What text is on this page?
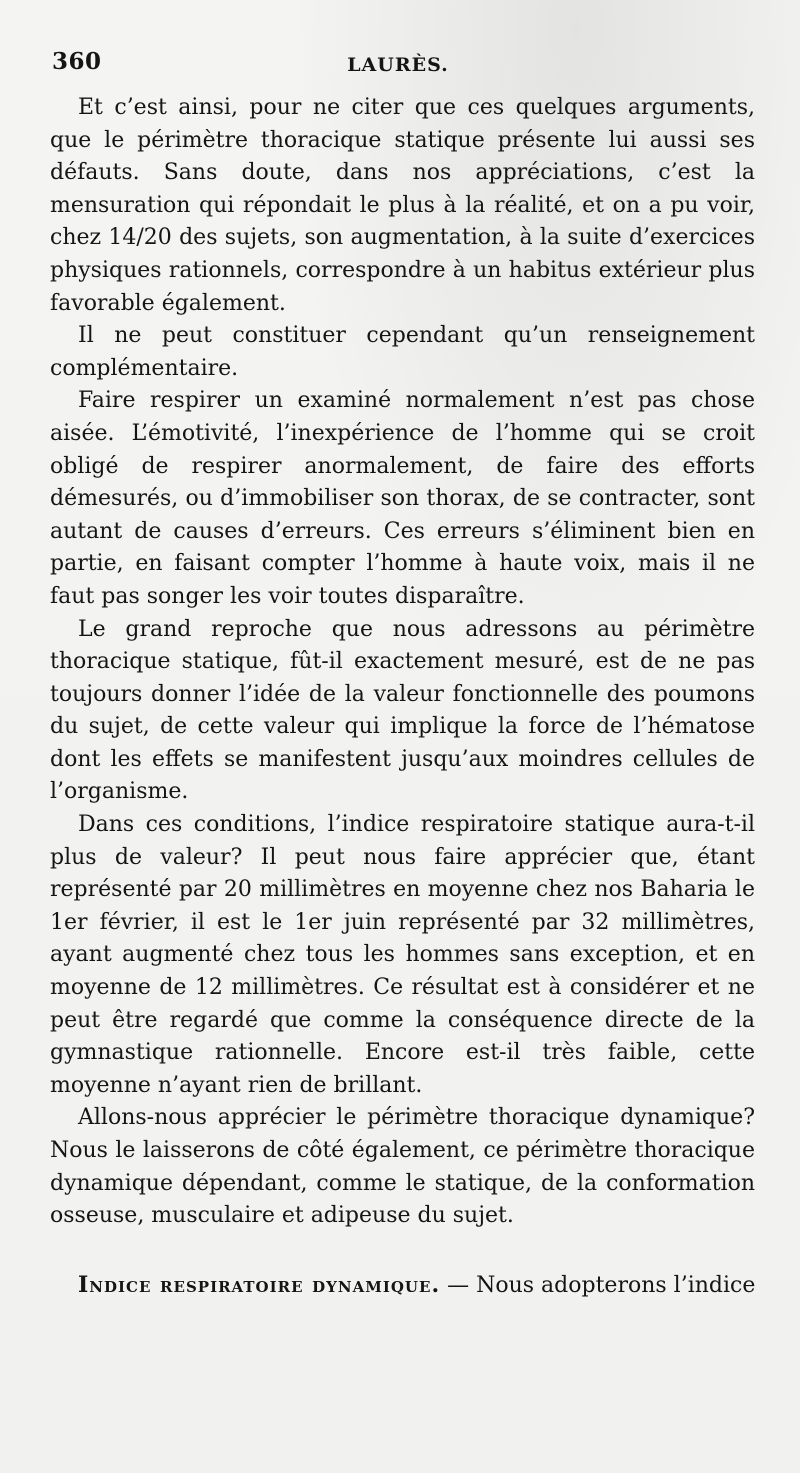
360	LAURÈS.

Et c’est ainsi, pour ne citer que ces quelques arguments, que le périmètre thoracique statique présente lui aussi ses défauts. Sans doute, dans nos appréciations, c’est la mensuration qui répondait le plus à la réalité, et on a pu voir, chez 14/20 des sujets, son augmentation, à la suite d’exercices physiques rationnels, correspondre à un habitus extérieur plus favorable également.

Il ne peut constituer cependant qu’un renseignement complémentaire.

Faire respirer un examiné normalement n’est pas chose aisée. L’émotivité, l’inexpérience de l’homme qui se croit obligé de respirer anormalement, de faire des efforts démesurés, ou d’immobiliser son thorax, de se contracter, sont autant de causes d’erreurs. Ces erreurs s’éliminent bien en partie, en faisant compter l’homme à haute voix, mais il ne faut pas songer les voir toutes disparaître.

Le grand reproche que nous adressons au périmètre thoracique statique, fût-il exactement mesuré, est de ne pas toujours donner l’idée de la valeur fonctionnelle des poumons du sujet, de cette valeur qui implique la force de l’hématose dont les effets se manifestent jusqu’aux moindres cellules de l’organisme.

Dans ces conditions, l’indice respiratoire statique aura-t-il plus de valeur? Il peut nous faire apprécier que, étant représenté par 20 millimètres en moyenne chez nos Baharia le 1er février, il est le 1er juin représenté par 32 millimètres, ayant augmenté chez tous les hommes sans exception, et en moyenne de 12 millimètres. Ce résultat est à considérer et ne peut être regardé que comme la conséquence directe de la gymnastique rationnelle. Encore est-il très faible, cette moyenne n’ayant rien de brillant.

Allons-nous apprécier le périmètre thoracique dynamique? Nous le laisserons de côté également, ce périmètre thoracique dynamique dépendant, comme le statique, de la conformation osseuse, musculaire et adipeuse du sujet.

Indice respiratoire dynamique. — Nous adopterons l’indice
